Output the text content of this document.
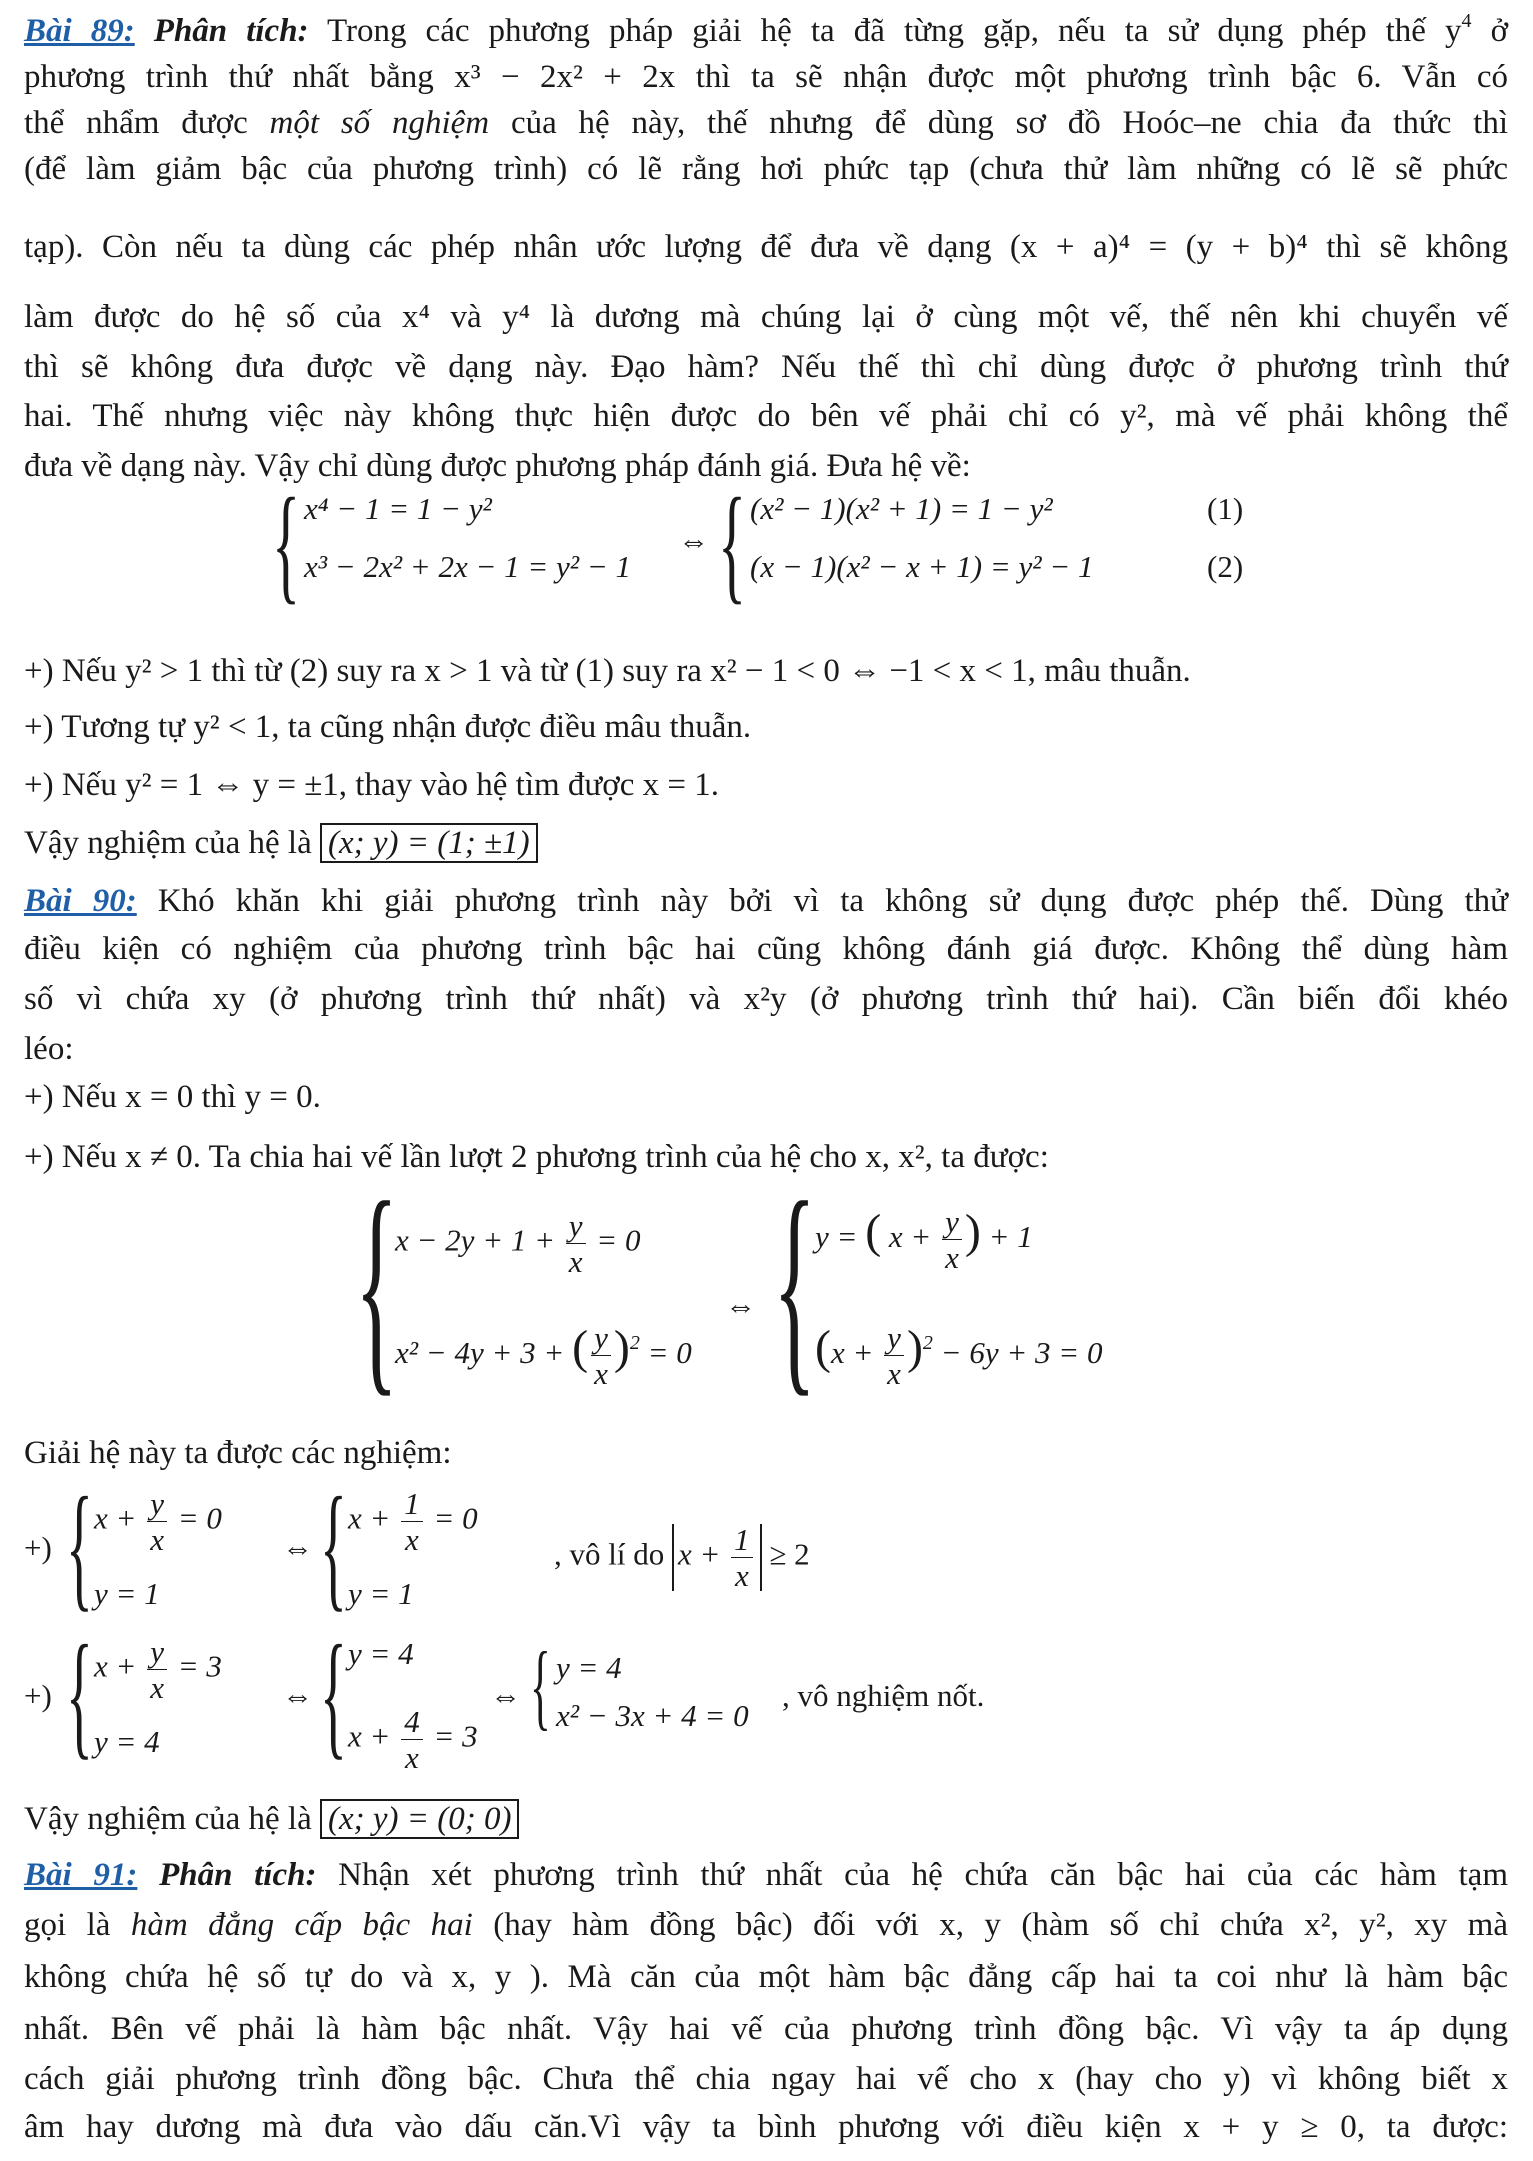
Bài 89: Phân tích: Trong các phương pháp giải hệ ta đã từng gặp, nếu ta sử dụng phép thế $y^4$ ở
phương trình thứ nhất bằng x³ − 2x² + 2x thì ta sẽ nhận được một phương trình bậc 6. Vẫn có
thể nhẩm được một số nghiệm của hệ này, thế nhưng để dùng sơ đồ Hoóc–ne chia đa thức thì
(để làm giảm bậc của phương trình) có lẽ rằng hơi phức tạp (chưa thử làm những có lẽ sẽ phức
tạp). Còn nếu ta dùng các phép nhân ước lượng để đưa về dạng (x + a)⁴ = (y + b)⁴ thì sẽ không
làm được do hệ số của x⁴ và y⁴ là dương mà chúng lại ở cùng một vế, thế nên khi chuyển vế
thì sẽ không đưa được về dạng này. Đạo hàm? Nếu thế thì chỉ dùng được ở phương trình thứ
hai. Thế nhưng việc này không thực hiện được do bên vế phải chỉ có y², mà vế phải không thể
đưa về dạng này. Vậy chỉ dùng được phương pháp đánh giá. Đưa hệ về:
{ x⁴ − 1 = 1 − y²
x³ − 2x² + 2x − 1 = y² − 1
⇔ { (x² − 1)(x² + 1) = 1 − y²
(x − 1)(x² − x + 1) = y² − 1
(1)
(2)
+) Nếu y² > 1 thì từ (2) suy ra x > 1 và từ (1) suy ra x² − 1 < 0 ⇔ −1 < x < 1, mâu thuẫn.
+) Tương tự y² < 1, ta cũng nhận được điều mâu thuẫn.
+) Nếu y² = 1 ⇔ y = ±1, thay vào hệ tìm được x = 1.
Vậy nghiệm của hệ là (x; y) = (1; ±1)
Bài 90: Khó khăn khi giải phương trình này bởi vì ta không sử dụng được phép thế. Dùng thử
điều kiện có nghiệm của phương trình bậc hai cũng không đánh giá được. Không thể dùng hàm
số vì chứa xy (ở phương trình thứ nhất) và x²y (ở phương trình thứ hai). Cần biến đổi khéo
léo:
+) Nếu x = 0 thì y = 0.
+) Nếu x ≠ 0. Ta chia hai vế lần lượt 2 phương trình của hệ cho x, x², ta được:
{
$x - 2y + 1 + \frac{y}{x} = 0$
x² − 4y + 3 + ( $\frac{y}{x} )^2 = 0$
⇔ {
y = ( $x + \frac{y}{x}$ ) + 1
$(x + \frac{y}{x} )^2 - 6y + 3 = 0$
Giải hệ này ta được các nghiệm:
+) { $x + \frac{y}{x} = 0$
y = 1
⇔ { $x + \frac{1}{x} = 0$
y = 1
, vô lí do $x + \frac{1}{x} \ge 2$
+) { $x + \frac{y}{x} = 3$
y = 4
⇔ { y = 4
$x + \frac{4}{x} = 3$
⇔ { y = 4
x² − 3x + 4 = 0
, vô nghiệm nốt.
Vậy nghiệm của hệ là (x; y) = (0; 0)
Bài 91: Phân tích: Nhận xét phương trình thứ nhất của hệ chứa căn bậc hai của các hàm tạm
gọi là hàm đẳng cấp bậc hai (hay hàm đồng bậc) đối với x, y (hàm số chỉ chứa x², y², xy mà
không chứa hệ số tự do và x, y ). Mà căn của một hàm bậc đẳng cấp hai ta coi như là hàm bậc
nhất. Bên vế phải là hàm bậc nhất. Vậy hai vế của phương trình đồng bậc. Vì vậy ta áp dụng
cách giải phương trình đồng bậc. Chưa thể chia ngay hai vế cho x (hay cho y) vì không biết x
âm hay dương mà đưa vào dấu căn.Vì vậy ta bình phương với điều kiện x + y ≥ 0, ta được:
